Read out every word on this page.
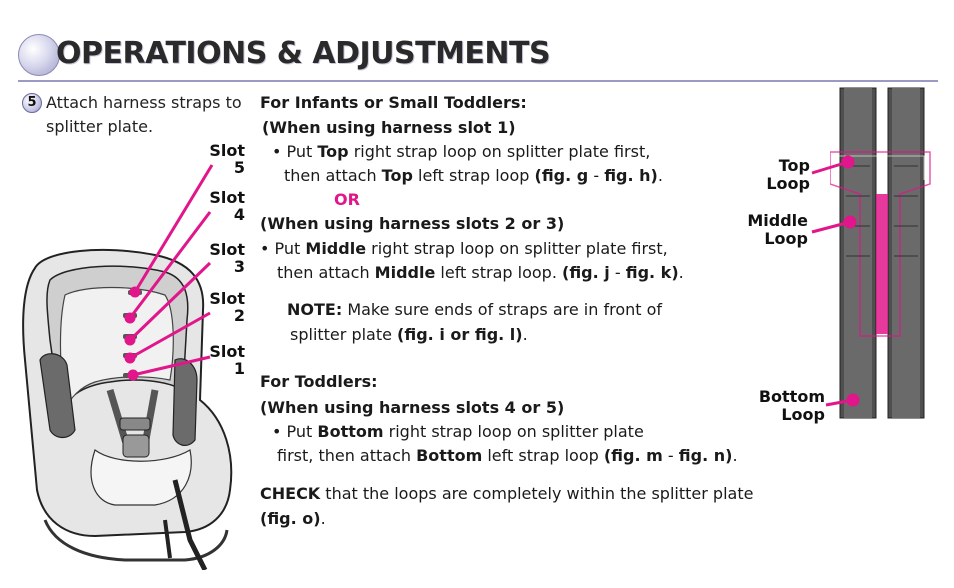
OPERATIONS & ADJUSTMENTS
5 Attach harness straps to splitter plate.
Slot
5
Slot
4
Slot
3
Slot
2
Slot
1
For Infants or Small Toddlers:
(When using harness slot 1)
• Put Top right strap loop on splitter plate first,
then attach Top left strap loop (fig. g - fig. h).
OR
(When using harness slots 2 or 3)
• Put Middle right strap loop on splitter plate first,
then attach Middle left strap loop. (fig. j - fig. k).
NOTE: Make sure ends of straps are in front of
splitter plate (fig. i or fig. l).
For Toddlers:
(When using harness slots 4 or 5)
• Put Bottom right strap loop on splitter plate
first, then attach Bottom left strap loop (fig. m - fig. n).
CHECK that the loops are completely within the splitter plate
(fig. o).
Top
Loop
Middle
Loop
Bottom
Loop
